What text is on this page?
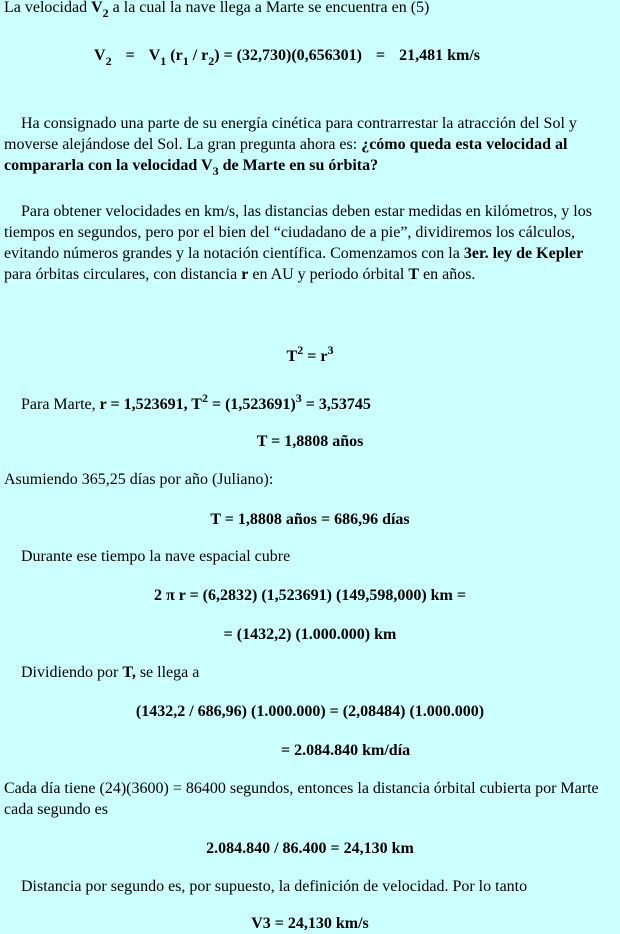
La velocidad $V_2$ a la cual la nave llega a Marte se encuentra en (5)
$V_2 = V_1$ $(r_1 / r_2) = (32,730)(0,656301) = 21,481$ km/s
Ha consignado una parte de su energía cinética para contrarrestar la atracción del Sol y moverse alejándose del Sol. La gran pregunta ahora es: ¿cómo queda esta velocidad al compararla con la velocidad $V_3$ de Marte en su órbita?
Para obtener velocidades en km/s, las distancias deben estar medidas en kilómetros, y los tiempos en segundos, pero por el bien del “ciudadano de a pie”, dividiremos los cálculos, evitando números grandes y la notación científica. Comenzamos con la 3er. ley de Kepler para órbitas circulares, con distancia r en AU y periodo órbital T en años.
$T^2 = r^3$
Para Marte, r = 1,523691, $T^2 = (1,523691)^3 = 3,53745$
T = 1,8808 años
Asumiendo 365,25 días por año (Juliano):
T = 1,8808 años = 686,96 días
Durante ese tiempo la nave espacial cubre
2 π r = (6,2832) (1,523691) (149,598,000) km =
= (1432,2) (1.000.000) km
Dividiendo por T, se llega a
(1432,2 / 686,96) (1.000.000) = (2,08484) (1.000.000)
= 2.084.840 km/día
Cada día tiene (24)(3600) = 86400 segundos, entonces la distancia órbital cubierta por Marte cada segundo es
2.084.840 / 86.400 = 24,130 km
Distancia por segundo es, por supuesto, la definición de velocidad. Por lo tanto
V3 = 24,130 km/s
